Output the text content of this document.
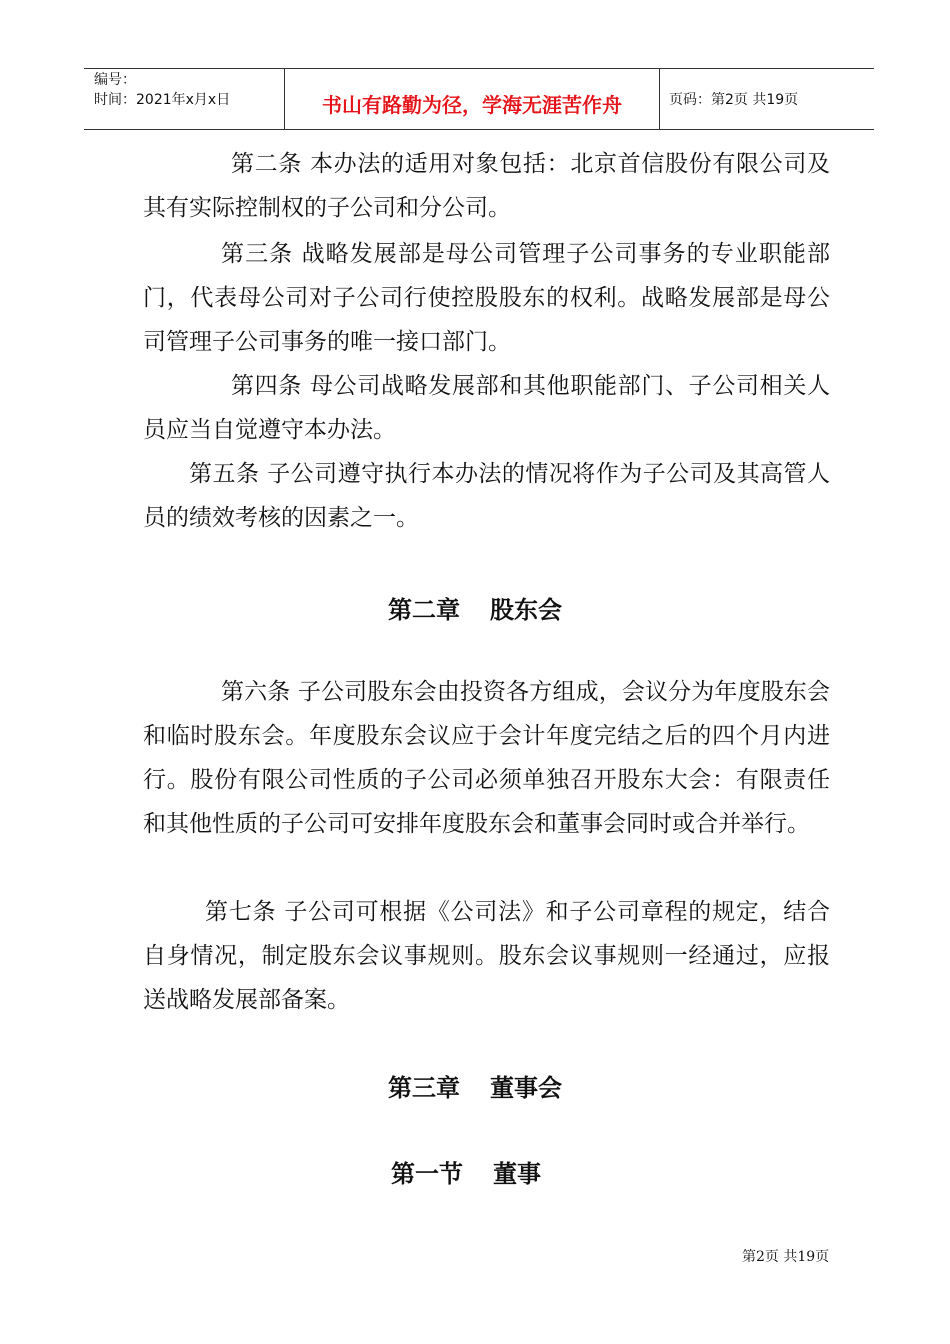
编号：
时间：2021年x月x日	书山有路勤为径，学海无涯苦作舟	页码：第2页 共19页

第二条 本办法的适用对象包括：北京首信股份有限公司及其有实际控制权的子公司和分公司。

第三条 战略发展部是母公司管理子公司事务的专业职能部门，代表母公司对子公司行使控股股东的权利。战略发展部是母公司管理子公司事务的唯一接口部门。

第四条 母公司战略发展部和其他职能部门、子公司相关人员应当自觉遵守本办法。

第五条 子公司遵守执行本办法的情况将作为子公司及其高管人员的绩效考核的因素之一。

第二章 股东会

第六条 子公司股东会由投资各方组成，会议分为年度股东会和临时股东会。年度股东会议应于会计年度完结之后的四个月内进行。股份有限公司性质的子公司必须单独召开股东大会：有限责任和其他性质的子公司可安排年度股东会和董事会同时或合并举行。

第七条 子公司可根据《公司法》和子公司章程的规定，结合自身情况，制定股东会议事规则。股东会议事规则一经通过，应报送战略发展部备案。

第三章 董事会
第一节 董事
第2页 共19页
